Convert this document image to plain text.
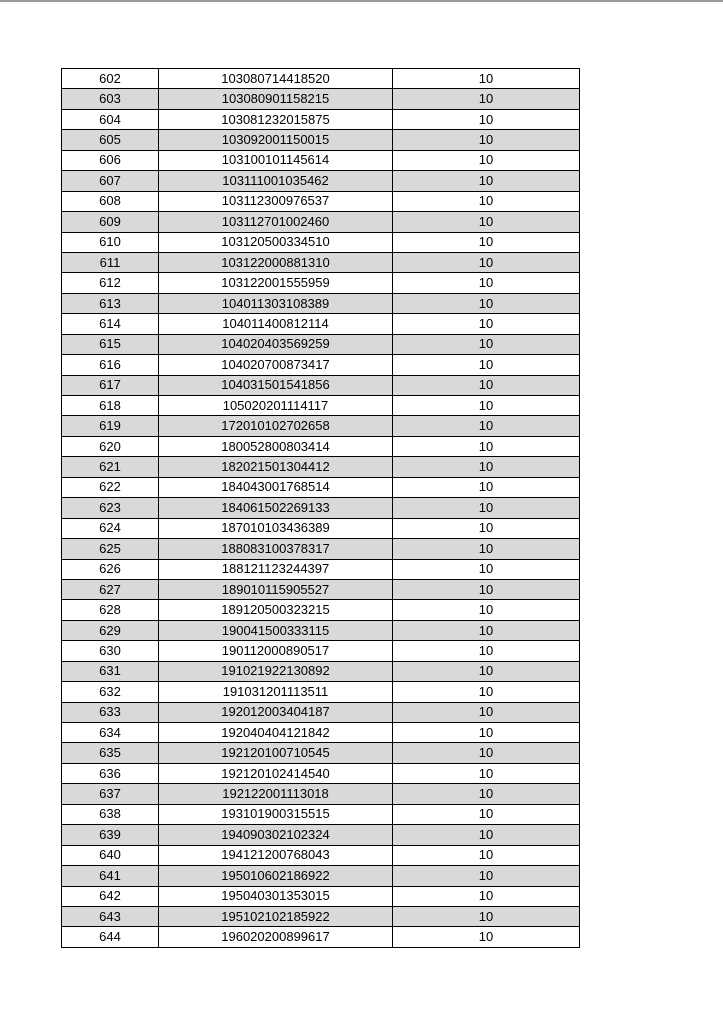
602	103080714418520	10
603	103080901158215	10
604	103081232015875	10
605	103092001150015	10
606	103100101145614	10
607	103111001035462	10
608	103112300976537	10
609	103112701002460	10
610	103120500334510	10
611	103122000881310	10
612	103122001555959	10
613	104011303108389	10
614	104011400812114	10
615	104020403569259	10
616	104020700873417	10
617	104031501541856	10
618	105020201114117	10
619	172010102702658	10
620	180052800803414	10
621	182021501304412	10
622	184043001768514	10
623	184061502269133	10
624	187010103436389	10
625	188083100378317	10
626	188121123244397	10
627	189010115905527	10
628	189120500323215	10
629	190041500333115	10
630	190112000890517	10
631	191021922130892	10
632	191031201113511	10
633	192012003404187	10
634	192040404121842	10
635	192120100710545	10
636	192120102414540	10
637	192122001113018	10
638	193101900315515	10
639	194090302102324	10
640	194121200768043	10
641	195010602186922	10
642	195040301353015	10
643	195102102185922	10
644	196020200899617	10
